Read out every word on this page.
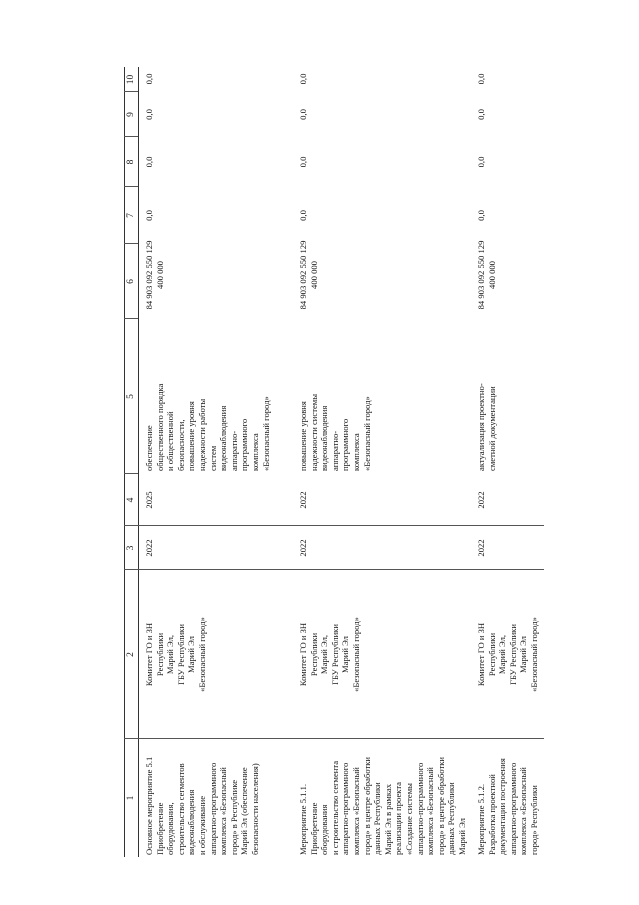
1
2
3
4
5
6
7
8
9
10
Основное мероприятие 5.1
Приобретение
оборудования,
строительство сегментов
видеонаблюдения
и обслуживание
аппаратно-программного
комплекса «Безопасный
город» в Республике
Марий Эл (обеспечение
безопасности населения)
Комитет ГО и ЗН
Республики
Марий Эл,
ГБУ Республики
Марий Эл
«Безопасный город»
2022
2025
обеспечение
общественного порядка
и общественной
безопасности,
повышение уровня
надежности работы
систем
видеонаблюдения
аппаратно-
программного
комплекса
«Безопасный город»
84 903 092 550 129
400 000
0,0
0,0
0,0
0,0
Мероприятие 5.1.1.
Приобретение
оборудования
и строительство сегмента
аппаратно-программного
комплекса «Безопасный
город» в центре обработки
данных Республики
Марий Эл в рамках
реализации проекта
«Создание системы
аппаратно-программного
комплекса «Безопасный
город» в центре обработки
данных Республики
Марий Эл
Комитет ГО и ЗН
Республики
Марий Эл,
ГБУ Республики
Марий Эл
«Безопасный город»
2022
2022
повышение уровня
надежности системы
видеонаблюдения
аппаратно-
программного
комплекса
«Безопасный город»
84 903 092 550 129
400 000
0,0
0,0
0,0
0,0
Мероприятие 5.1.2.
Разработка проектной
документации построения
аппаратно-программного
комплекса «Безопасный
город» Республики
Комитет ГО и ЗН
Республики
Марий Эл,
ГБУ Республики
Марий Эл
«Безопасный город»
2022
2022
актуализация проектно-
сметной документации
84 903 092 550 129
400 000
0,0
0,0
0,0
0,0
